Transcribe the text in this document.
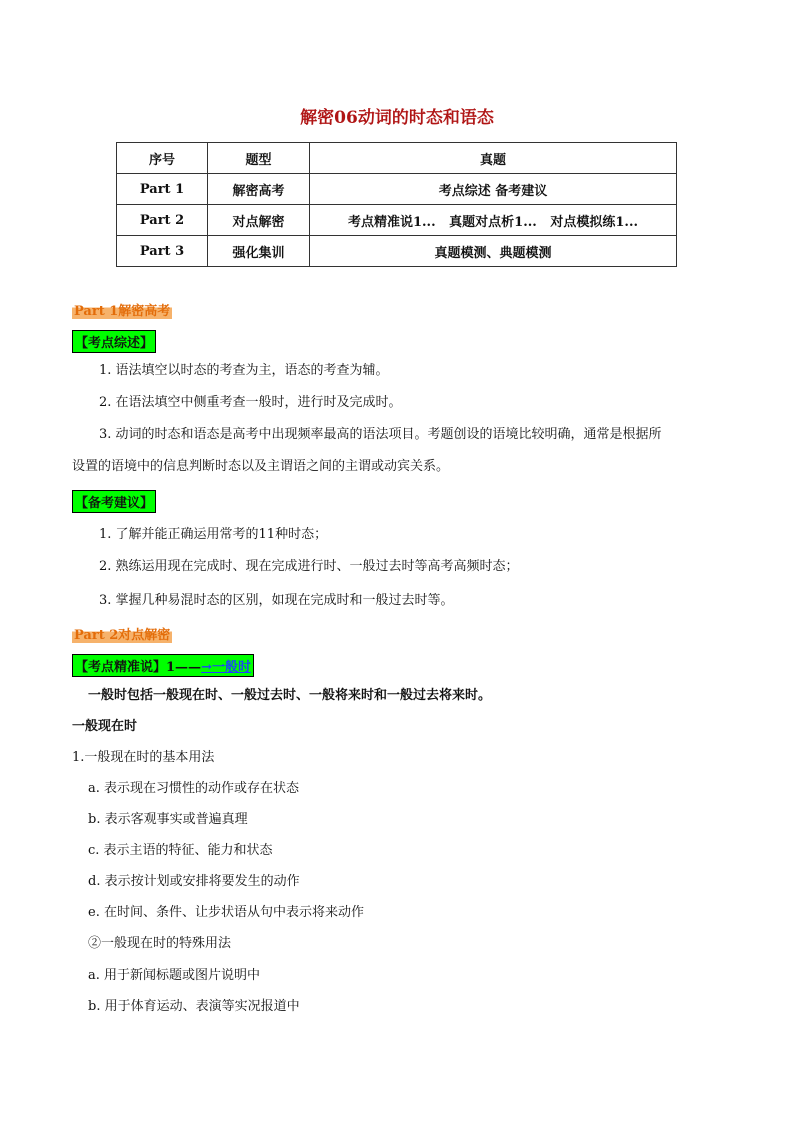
解密06动词的时态和语态
序号	题型	真题
Part 1	解密高考	考点综述 备考建议
Part 2	对点解密	考点精准说1...   真题对点析1...   对点模拟练1...
Part 3	强化集训	真题模测、典题模测
Part 1解密高考
【考点综述】
1. 语法填空以时态的考查为主，语态的考查为辅。
2. 在语法填空中侧重考查一般时，进行时及完成时。
3. 动词的时态和语态是高考中出现频率最高的语法项目。考题创设的语境比较明确，通常是根据所
设置的语境中的信息判断时态以及主谓语之间的主谓或动宾关系。
【备考建议】
1. 了解并能正确运用常考的11种时态；
2. 熟练运用现在完成时、现在完成进行时、一般过去时等高考高频时态；
3. 掌握几种易混时态的区别，如现在完成时和一般过去时等。
Part 2对点解密
【考点精准说】1——→一般时
一般时包括一般现在时、一般过去时、一般将来时和一般过去将来时。
一般现在时
1.一般现在时的基本用法
a. 表示现在习惯性的动作或存在状态
b. 表示客观事实或普遍真理
c. 表示主语的特征、能力和状态
d. 表示按计划或安排将要发生的动作
e. 在时间、条件、让步状语从句中表示将来动作
②一般现在时的特殊用法
a. 用于新闻标题或图片说明中
b. 用于体育运动、表演等实况报道中
